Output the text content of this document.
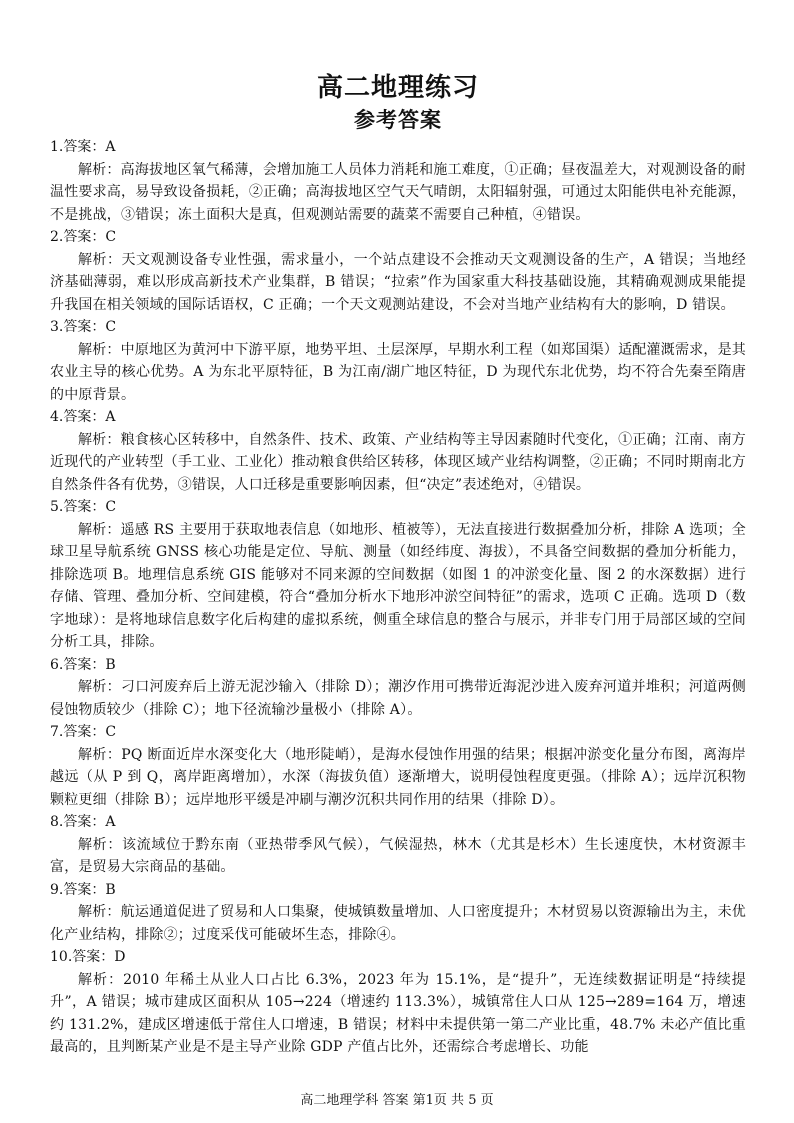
高二地理练习
参考答案

1.答案：A

解析：高海拔地区氧气稀薄，会增加施工人员体力消耗和施工难度，①正确；昼夜温差大，对观测设备的耐温性要求高，易导致设备损耗，②正确；高海拔地区空气天气晴朗，太阳辐射强，可通过太阳能供电补充能源，不是挑战，③错误；冻土面积大是真，但观测站需要的蔬菜不需要自己种植，④错误。

2.答案：C

解析：天文观测设备专业性强，需求量小，一个站点建设不会推动天文观测设备的生产，A 错误；当地经济基础薄弱，难以形成高新技术产业集群，B 错误；“拉索”作为国家重大科技基础设施，其精确观测成果能提升我国在相关领域的国际话语权，C 正确；一个天文观测站建设，不会对当地产业结构有大的影响，D 错误。

3.答案：C

解析：中原地区为黄河中下游平原，地势平坦、土层深厚，早期水利工程（如郑国渠）适配灌溉需求，是其农业主导的核心优势。A 为东北平原特征，B 为江南/湖广地区特征，D 为现代东北优势，均不符合先秦至隋唐的中原背景。

4.答案：A

解析：粮食核心区转移中，自然条件、技术、政策、产业结构等主导因素随时代变化，①正确；江南、南方近现代的产业转型（手工业、工业化）推动粮食供给区转移，体现区域产业结构调整，②正确；不同时期南北方自然条件各有优势，③错误，人口迁移是重要影响因素，但“决定”表述绝对，④错误。

5.答案：C

解析：遥感 RS 主要用于获取地表信息（如地形、植被等），无法直接进行数据叠加分析，排除 A 选项；全球卫星导航系统 GNSS 核心功能是定位、导航、测量（如经纬度、海拔），不具备空间数据的叠加分析能力，排除选项 B。地理信息系统 GIS 能够对不同来源的空间数据（如图 1 的冲淤变化量、图 2 的水深数据）进行存储、管理、叠加分析、空间建模，符合“叠加分析水下地形冲淤空间特征”的需求，选项 C 正确。选项 D（数字地球）：是将地球信息数字化后构建的虚拟系统，侧重全球信息的整合与展示，并非专门用于局部区域的空间分析工具，排除。

6.答案：B

解析：刁口河废弃后上游无泥沙输入（排除 D）；潮汐作用可携带近海泥沙进入废弃河道并堆积；河道两侧侵蚀物质较少（排除 C）；地下径流输沙量极小（排除 A）。

7.答案：C

解析：PQ 断面近岸水深变化大（地形陡峭），是海水侵蚀作用强的结果；根据冲淤变化量分布图，离海岸越远（从 P 到 Q，离岸距离增加），水深（海拔负值）逐渐增大，说明侵蚀程度更强。（排除 A）；远岸沉积物颗粒更细（排除 B）；远岸地形平缓是冲刷与潮汐沉积共同作用的结果（排除 D）。

8.答案：A

解析：该流域位于黔东南（亚热带季风气候），气候湿热，林木（尤其是杉木）生长速度快，木材资源丰富，是贸易大宗商品的基础。

9.答案：B

解析：航运通道促进了贸易和人口集聚，使城镇数量增加、人口密度提升；木材贸易以资源输出为主，未优化产业结构，排除②；过度采伐可能破坏生态，排除④。

10.答案：D

解析：2010 年稀土从业人口占比 6.3%，2023 年为 15.1%，是“提升”，无连续数据证明是“持续提升”，A 错误；城市建成区面积从 105→224（增速约 113.3%），城镇常住人口从 125→289=164 万，增速约 131.2%，建成区增速低于常住人口增速，B 错误；材料中未提供第一第二产业比重，48.7% 未必产值比重最高的，且判断某产业是不是主导产业除 GDP 产值占比外，还需综合考虑增长、功能

高二地理学科 答案 第1页 共 5 页
